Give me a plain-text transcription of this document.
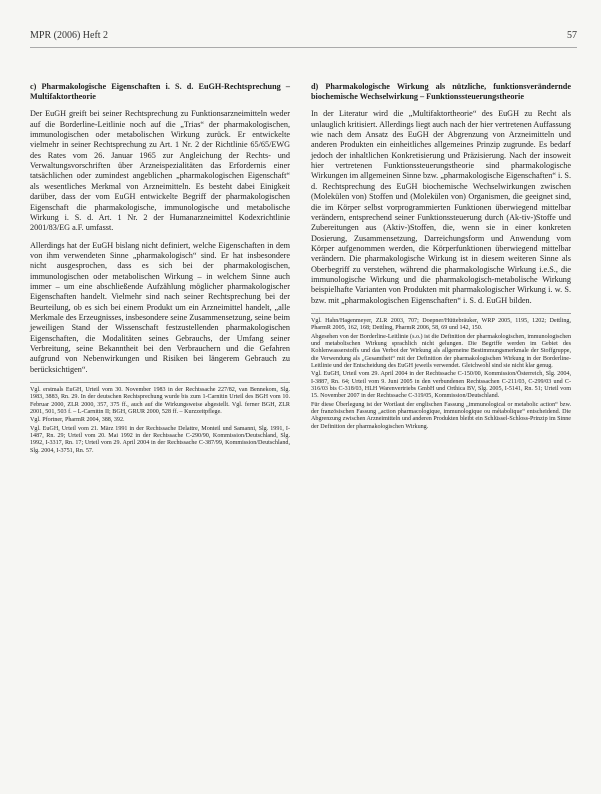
MPR (2006) Heft 2	57
c) Pharmakologische Eigenschaften i. S. d. EuGH-Rechtsprechung – Multifaktortheorie

Der EuGH greift bei seiner Rechtsprechung zu Funktionsarzneimitteln weder auf die Borderline-Leitlinie noch auf die „Trias“ der pharmakologischen, immunologischen oder metabolischen Wirkung zurück. Er entwickelte vielmehr in seiner Rechtsprechung zu Art. 1 Nr. 2 der Richtlinie 65/65/EWG des Rates vom 26. Januar 1965 zur Angleichung der Rechts- und Verwaltungsvorschriften über Arzneispezialitäten das Erfordernis einer tatsächlichen oder zumindest angeblichen „pharmakologischen Eigenschaft“ als wesentliches Merkmal von Arzneimitteln. Es besteht dabei Einigkeit darüber, dass der vom EuGH entwickelte Begriff der pharmakologischen Eigenschaft die pharmakologische, immunologische und metabolische Wirkung i. S. d. Art. 1 Nr. 2 der Humanarzneimittel Kodexrichtlinie 2001/83/EG a.F. umfasst.

Allerdings hat der EuGH bislang nicht definiert, welche Eigenschaften in dem von ihm verwendeten Sinne „pharmakologisch“ sind. Er hat insbesondere nicht ausgesprochen, dass es sich bei der pharmakologischen, immunologischen oder metabolischen Wirkung – in welchem Sinne auch immer – um eine abschließende Aufzählung möglicher pharmakologischer Eigenschaften handelt. Vielmehr sind nach seiner Rechtsprechung bei der Beurteilung, ob es sich bei einem Produkt um ein Arzneimittel handelt, „alle Merkmale des Erzeugnisses, insbesondere seine Zusammensetzung, seine beim jeweiligen Stand der Wissenschaft festzustellenden pharmakologischen Eigenschaften, die Modalitäten seines Gebrauchs, der Umfang seiner Verbreitung, seine Bekanntheit bei den Verbrauchern und die Gefahren aufgrund von Nebenwirkungen und Risiken bei längerem Gebrauch zu berücksichtigen“.

Vgl. erstmals EuGH, Urteil vom 30. November 1983 in der Rechtssache 227/82, van Bennekom, Slg. 1983, 3883, Rn. 29. In der deutschen Rechtsprechung wurde bis zum 1-Carnitin Urteil des BGH vom 10. Februar 2000, ZLR 2000, 357, 375 ff., auch auf die Wirkungsweise abgestellt. Vgl. ferner BGH, ZLR 2001, 501, 503 f. – L-Carnitin II; BGH, GRUR 2000, 528 ff. – Kurzzeitpflege.
Vgl. Pfortner, PharmR 2004, 388, 392.
Vgl. EuGH, Urteil vom 21. März 1991 in der Rechtssache Delattre, Monteil und Samanni, Slg. 1991, I-1487, Rn. 29; Urteil vom 20. Mai 1992 in der Rechtssache C-290/90, Kommission/Deutschland, Slg. 1992, I-3317, Rn. 17; Urteil vom 29. April 2004 in der Rechtssache C-387/99, Kommission/Deutschland, Slg. 2004, I-3751, Rn. 57.
d) Pharmakologische Wirkung als nützliche, funktionsverändernde biochemische Wechselwirkung – Funktionssteuerungstheorie

In der Literatur wird die „Multifaktortheorie“ des EuGH zu Recht als unlauglich kritisiert. Allerdings liegt auch nach der hier vertretenen Auffassung wie nach dem Ansatz des EuGH der Abgrenzung von Arzneimitteln und anderen Produkten ein einheitliches allgemeines Prinzip zugrunde. Es bedarf jedoch der inhaltlichen Konkretisierung und Präzisierung. Nach der insoweit hier vertretenen Funktionssteuerungstheorie sind pharmakologische Wirkungen im allgemeinen Sinne bzw. „pharmakologische Eigenschaften“ i. S. d. Rechtsprechung des EuGH biochemische Wechselwirkungen zwischen (Molekülen von) Stoffen und (Molekülen von) Organismen, die geeignet sind, die im Körper selbst vorprogrammierten Funktionen überwiegend mittelbar verändern, entsprechend seiner Funktionssteuerung durch (Ak-tiv-)Stoffe und Zubereitungen aus (Aktiv-)Stoffen, die, wenn sie in einer konkreten Dosierung, Zusammensetzung, Darreichungsform und Anwendung vom Körper aufgenommen werden, die Körperfunktionen überwiegend mittelbar verändern. Die pharmakologische Wirkung ist in diesem weiteren Sinne als Oberbegriff zu verstehen, während die pharmakologische Wirkung i.e.S., die immunologische Wirkung und die pharmakologisch-metabolische Wirkung beispielhafte Varianten von Produkten mit pharmakologischer Wirkung i. w. S. bzw. mit „pharmakologischen Eigenschaften“ i. S. d. EuGH bilden.

Vgl. Hahn/Hagenmeyer, ZLR 2003, 707; Doepner/Hüttebräuker, WRP 2005, 1195, 1202; Dettling, PharmR 2005, 162, 168; Dettling, PharmR 2006, 58, 69 und 142, 150.
Abgesehen von der Borderline-Leitlinie (s.o.) ist die Definition der pharmakologischen, immunologischen und metabolischen Wirkung sprachlich nicht gelungen. Die Begriffe werden im Gebiet des Kohlenwasserstoffs und das Verbot der Wirkung als allgemeine Bestimmungsmerkmale der Stoffgruppe, die Verwendung als „Gesamtheit“ mit der Definition der pharmakologischen Wirkung in der Borderline-Leitlinie und der Entscheidung des EuGH jeweils verwendet. Gleichwohl sind sie nicht klar genug.
Vgl. EuGH, Urteil vom 29. April 2004 in der Rechtssache C-150/00, Kommission/Österreich, Slg. 2004, I-3887, Rn. 64; Urteil vom 9. Juni 2005 in den verbundenen Rechtssachen C-211/03, C-299/03 und C-316/03 bis C-318/03, HLH Warenvertriebs GmbH und Orthica BV, Slg. 2005, I-5141, Rn. 51; Urteil vom 15. November 2007 in der Rechtssache C-319/05, Kommission/Deutschland.
Für diese Überlegung ist der Wortlaut der englischen Fassung „immunological or metabolic action“ bzw. der französischen Fassung „action pharmacologique, immunologique ou métabolique“ entscheidend. Die Abgrenzung zwischen Arzneimitteln und anderen Produkten bleibt ein Schlüssel-Schloss-Prinzip im Sinne der Definition der pharmakologischen Wirkung.
